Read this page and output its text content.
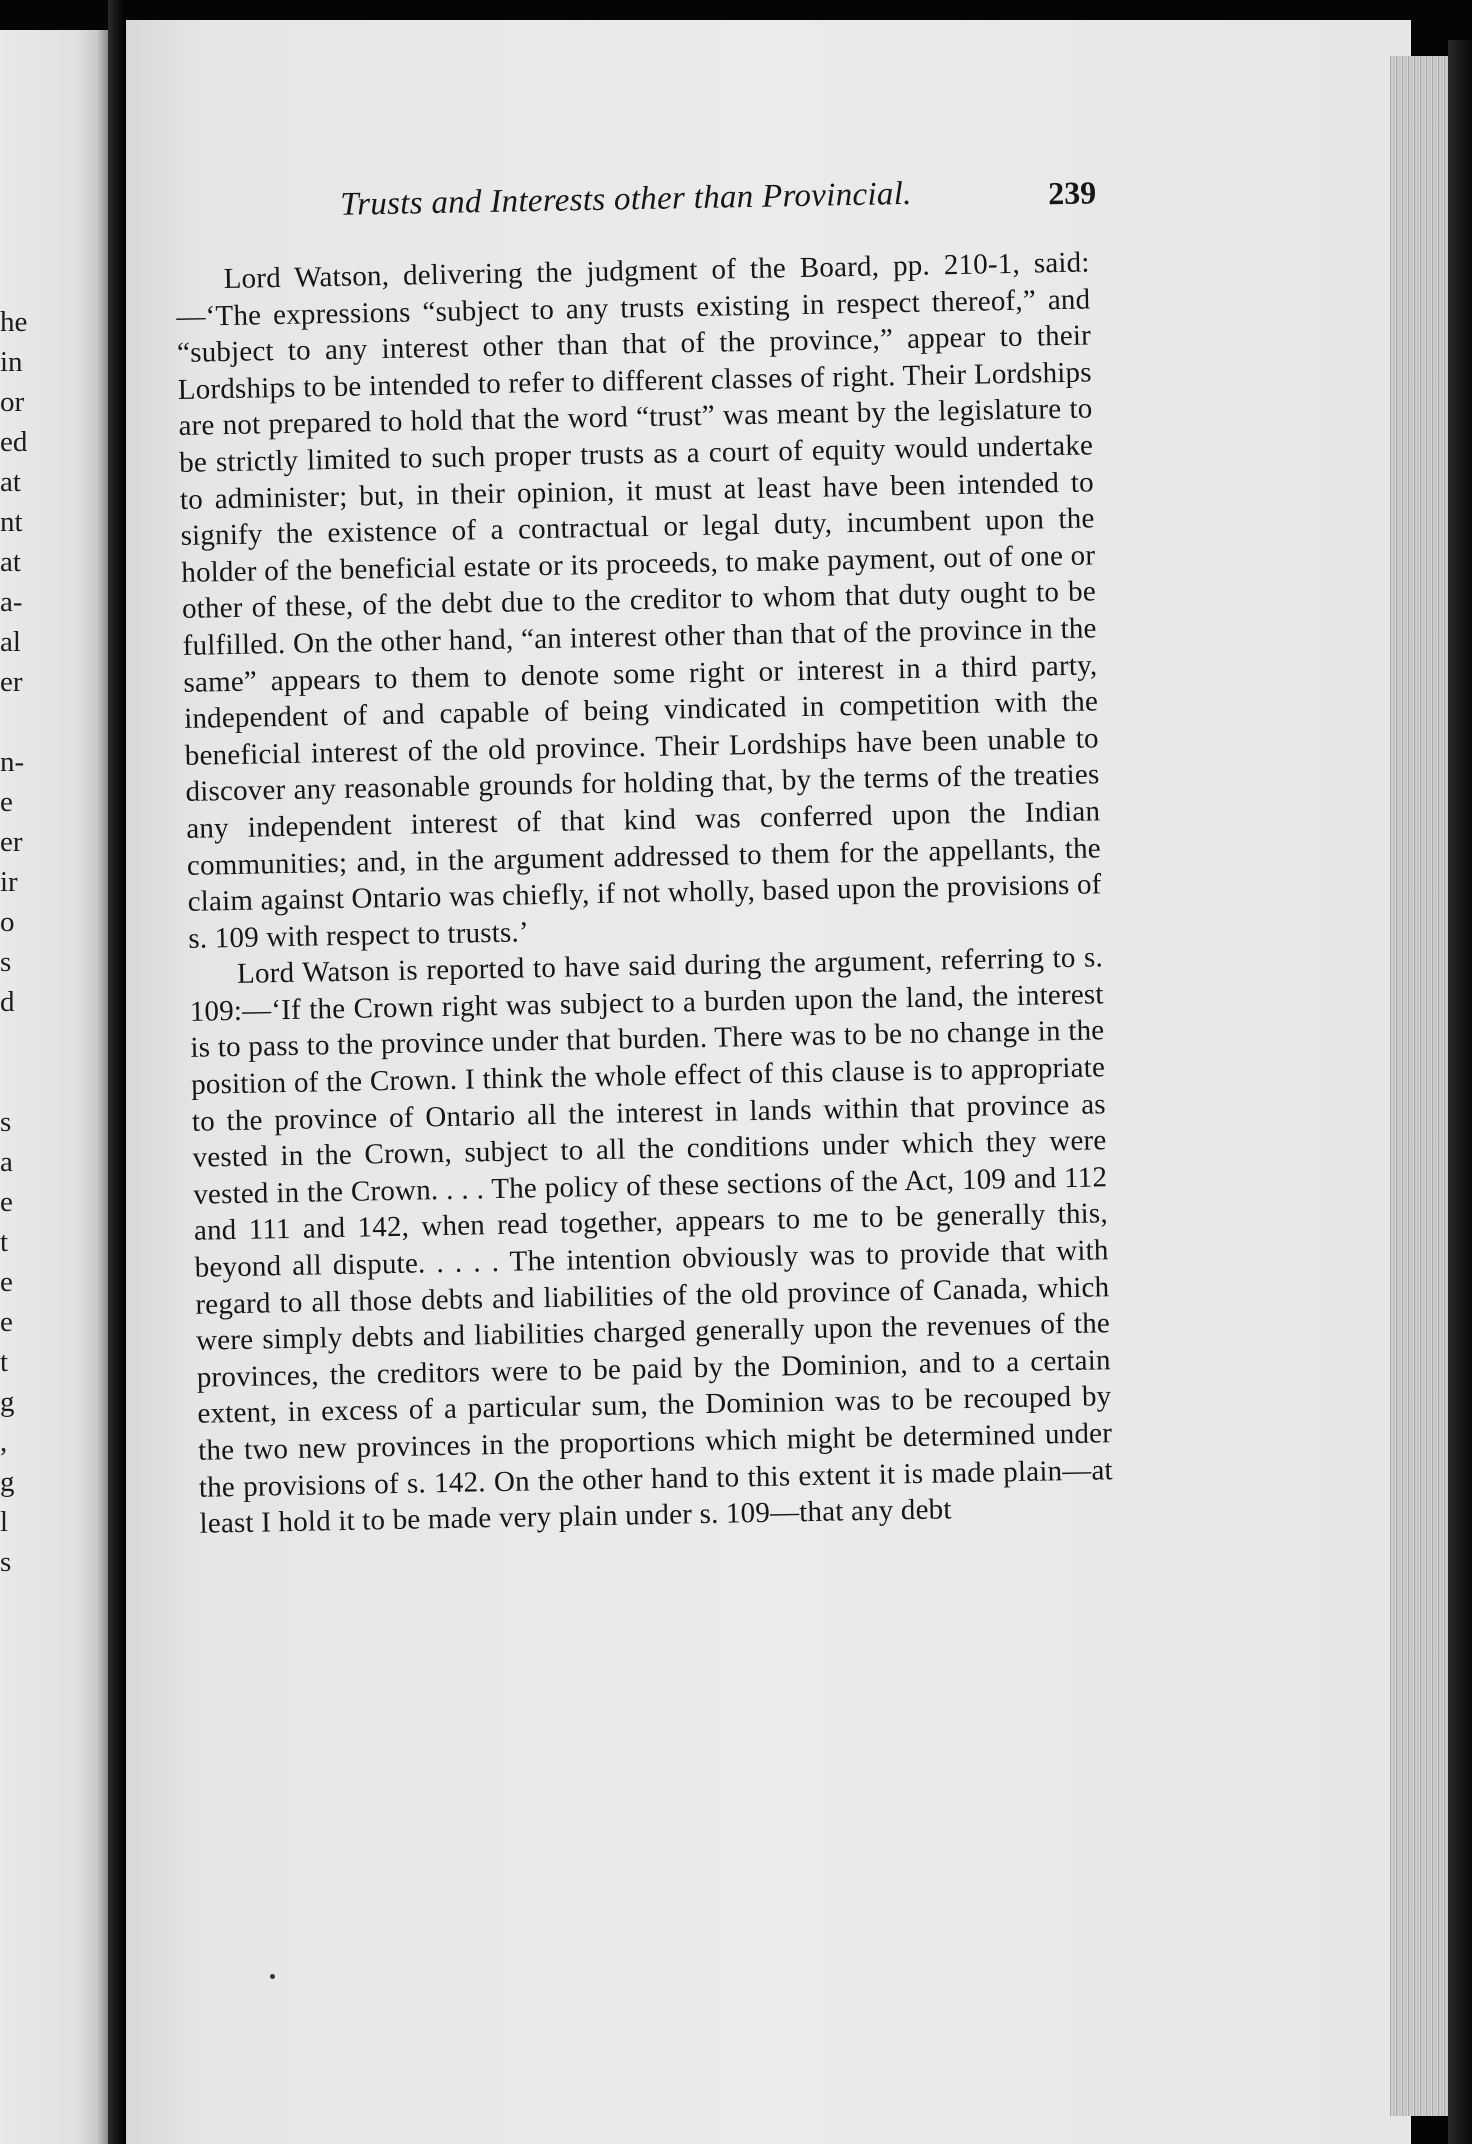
he
in
or
ed
at
nt
at
a-
al
er
n-
e
er
ir
o
s
d
s
a
e
t
e
e
t
g
,
g
l
s
Trusts and Interests other than Provincial.	239

Lord Watson, delivering the judgment of the Board, pp. 210-1, said:—‘The expressions “subject to any trusts existing in respect thereof,” and “subject to any interest other than that of the province,” appear to their Lordships to be intended to refer to different classes of right. Their Lordships are not prepared to hold that the word “trust” was meant by the legislature to be strictly limited to such proper trusts as a court of equity would undertake to administer; but, in their opinion, it must at least have been intended to signify the existence of a contractual or legal duty, incumbent upon the holder of the beneficial estate or its proceeds, to make payment, out of one or other of these, of the debt due to the creditor to whom that duty ought to be fulfilled. On the other hand, “an interest other than that of the province in the same” appears to them to denote some right or interest in a third party, independent of and capable of being vindicated in competition with the beneficial interest of the old province. Their Lordships have been unable to discover any reasonable grounds for holding that, by the terms of the treaties any independent interest of that kind was conferred upon the Indian communities; and, in the argument addressed to them for the appellants, the claim against Ontario was chiefly, if not wholly, based upon the provisions of s. 109 with respect to trusts.’

Lord Watson is reported to have said during the argument, referring to s. 109:—‘If the Crown right was subject to a burden upon the land, the interest is to pass to the province under that burden. There was to be no change in the position of the Crown. I think the whole effect of this clause is to appropriate to the province of Ontario all the interest in lands within that province as vested in the Crown, subject to all the conditions under which they were vested in the Crown. . . . The policy of these sections of the Act, 109 and 112 and 111 and 142, when read together, appears to me to be generally this, beyond all dispute. . . . . The intention obviously was to provide that with regard to all those debts and liabilities of the old province of Canada, which were simply debts and liabilities charged generally upon the revenues of the provinces, the creditors were to be paid by the Dominion, and to a certain extent, in excess of a particular sum, the Dominion was to be recouped by the two new provinces in the proportions which might be determined under the provisions of s. 142. On the other hand to this extent it is made plain—at least I hold it to be made very plain under s. 109—that any debt
